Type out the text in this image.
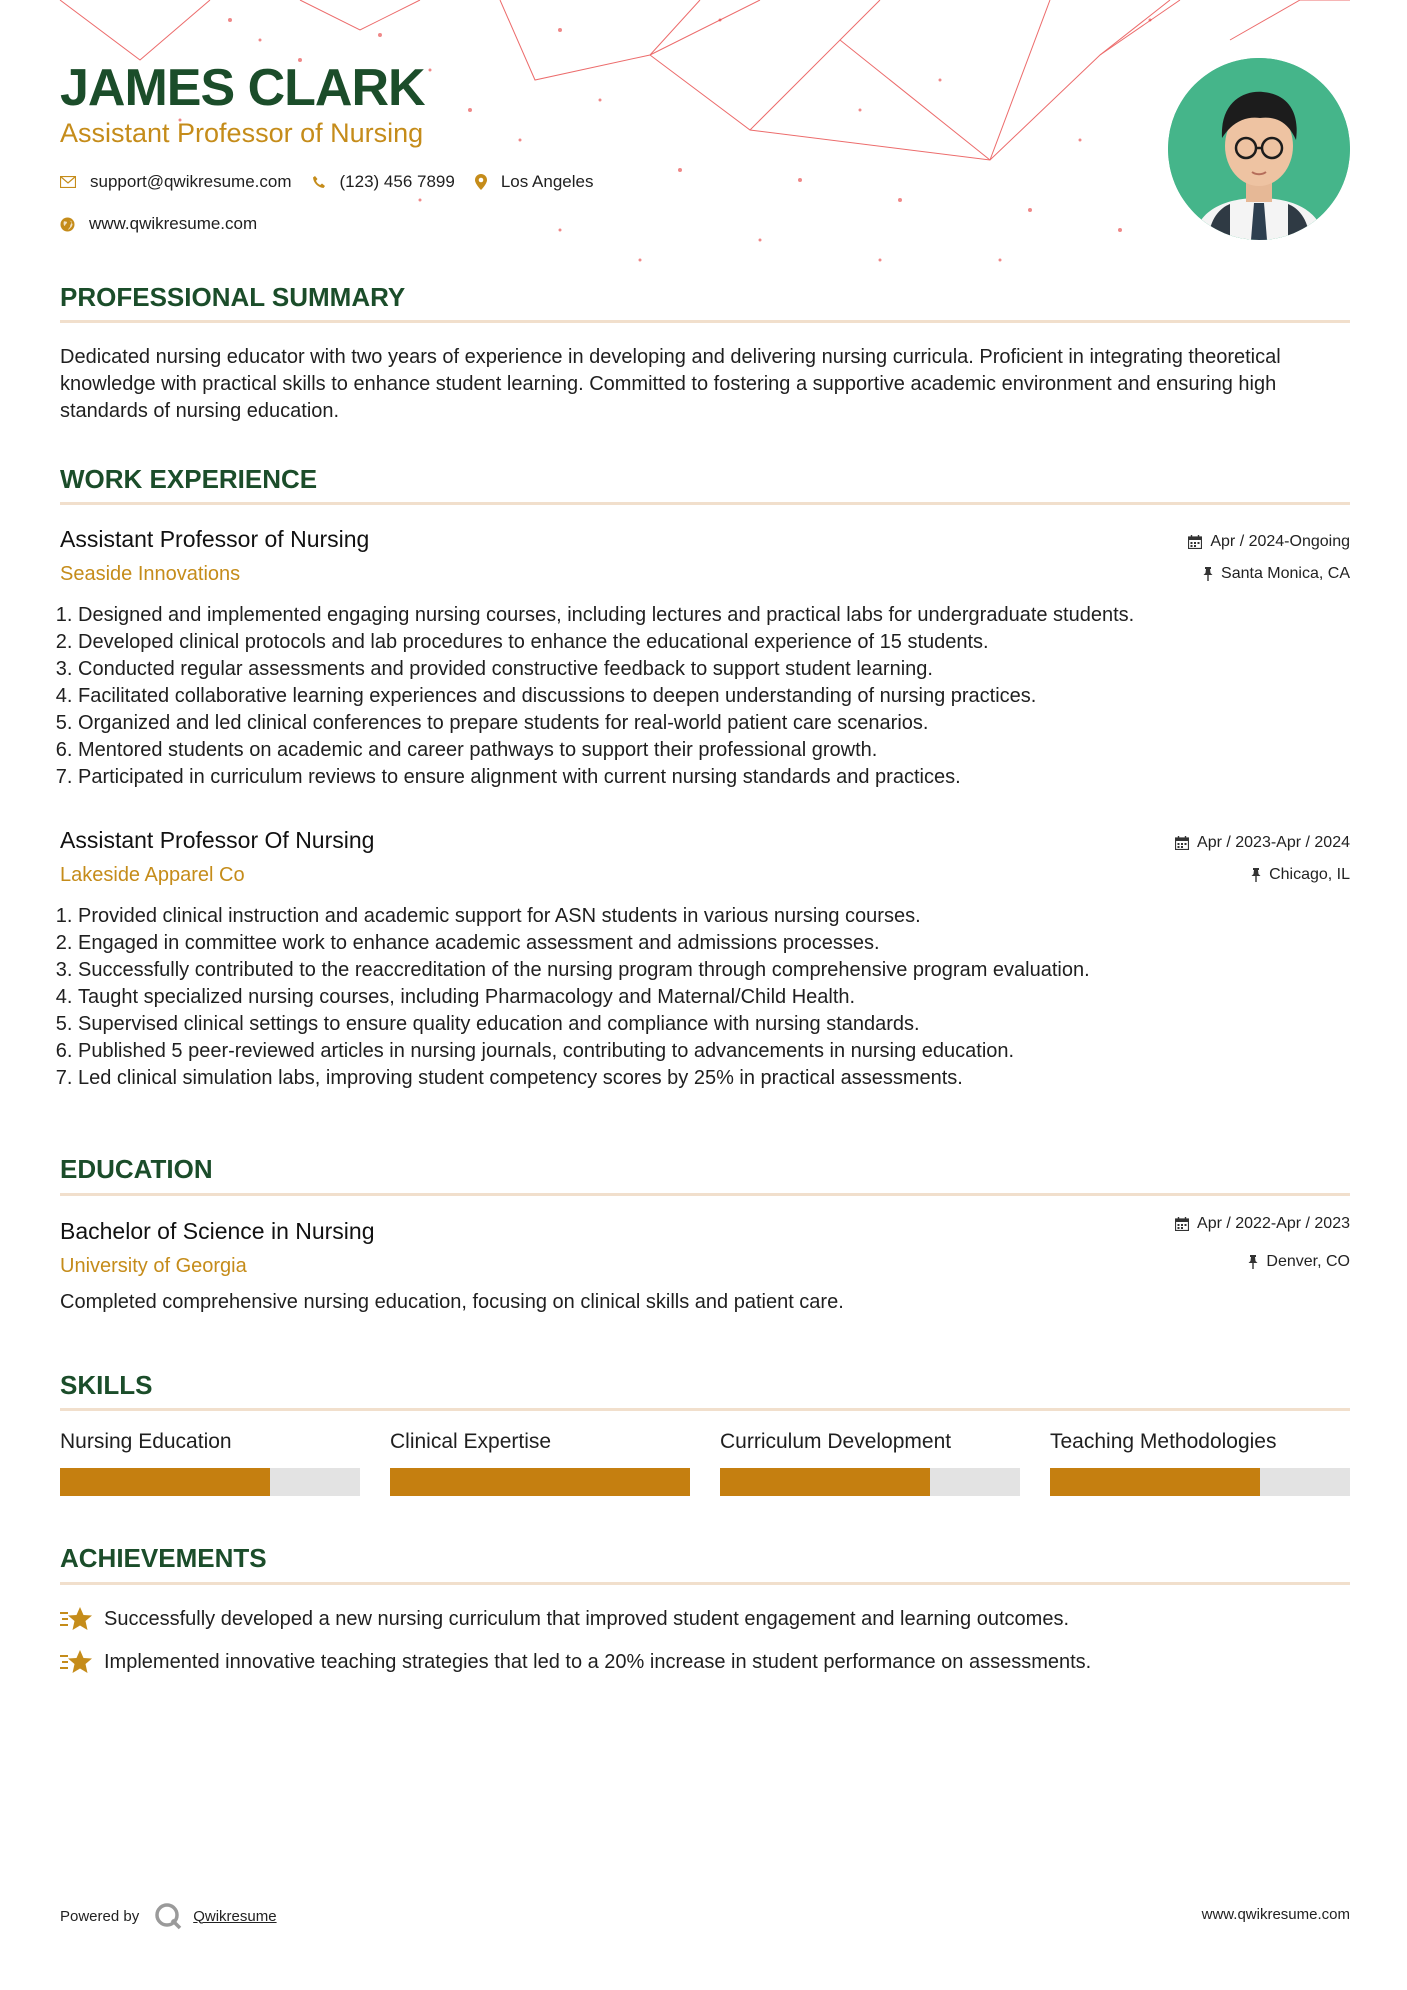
JAMES CLARK

Assistant Professor of Nursing

support@qwikresume.com	(123) 456 7899	Los Angeles
www.qwikresume.com
PROFESSIONAL SUMMARY

Dedicated nursing educator with two years of experience in developing and delivering nursing curricula. Proficient in integrating theoretical knowledge with practical skills to enhance student learning. Committed to fostering a supportive academic environment and ensuring high standards of nursing education.

WORK EXPERIENCE

Assistant Professor of Nursing

Seaside Innovations

Apr / 2024-Ongoing
Santa Monica, CA
1. Designed and implemented engaging nursing courses, including lectures and practical labs for undergraduate students.
2. Developed clinical protocols and lab procedures to enhance the educational experience of 15 students.
3. Conducted regular assessments and provided constructive feedback to support student learning.
4. Facilitated collaborative learning experiences and discussions to deepen understanding of nursing practices.
5. Organized and led clinical conferences to prepare students for real-world patient care scenarios.
6. Mentored students on academic and career pathways to support their professional growth.
7. Participated in curriculum reviews to ensure alignment with current nursing standards and practices.

Assistant Professor Of Nursing

Lakeside Apparel Co

Apr / 2023-Apr / 2024
Chicago, IL
1. Provided clinical instruction and academic support for ASN students in various nursing courses.
2. Engaged in committee work to enhance academic assessment and admissions processes.
3. Successfully contributed to the reaccreditation of the nursing program through comprehensive program evaluation.
4. Taught specialized nursing courses, including Pharmacology and Maternal/Child Health.
5. Supervised clinical settings to ensure quality education and compliance with nursing standards.
6. Published 5 peer-reviewed articles in nursing journals, contributing to advancements in nursing education.
7. Led clinical simulation labs, improving student competency scores by 25% in practical assessments.
EDUCATION

Bachelor of Science in Nursing

University of Georgia

Apr / 2022-Apr / 2023
Denver, CO

Completed comprehensive nursing education, focusing on clinical skills and patient care.

SKILLS
Nursing Education	Clinical Expertise	Curriculum Development	Teaching Methodologies
ACHIEVEMENTS
Successfully developed a new nursing curriculum that improved student engagement and learning outcomes.
Implemented innovative teaching strategies that led to a 20% increase in student performance on assessments.
Powered by	Qwikresume	www.qwikresume.com
